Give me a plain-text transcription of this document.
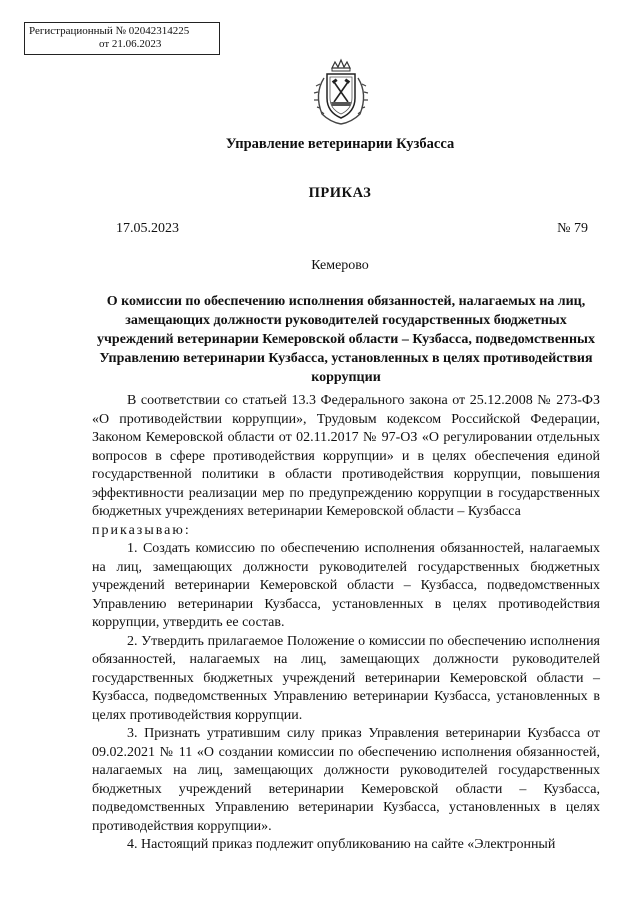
Регистрационный № 02042314225
от 21.06.2023
Управление ветеринарии Кузбасса
ПРИКАЗ
17.05.2023	№ 79
Кемерово
О комиссии по обеспечению исполнения обязанностей, налагаемых на лиц, замещающих должности руководителей государственных бюджетных учреждений ветеринарии Кемеровской области – Кузбасса, подведомственных Управлению ветеринарии Кузбасса, установленных в целях противодействия коррупции

В соответствии со статьей 13.3 Федерального закона от 25.12.2008 № 273-ФЗ «О противодействии коррупции», Трудовым кодексом Российской Федерации, Законом Кемеровской области от 02.11.2017 № 97-ОЗ «О регулировании отдельных вопросов в сфере противодействия коррупции» и в целях обеспечения единой государственной политики в области противодействия коррупции, повышения эффективности реализации мер по предупреждению коррупции в государственных бюджетных учреждениях ветеринарии Кемеровской области – Кузбасса

приказываю:

1. Создать комиссию по обеспечению исполнения обязанностей, налагаемых на лиц, замещающих должности руководителей государственных бюджетных учреждений ветеринарии Кемеровской области – Кузбасса, подведомственных Управлению ветеринарии Кузбасса, установленных в целях противодействия коррупции, утвердить ее состав.

2. Утвердить прилагаемое Положение о комиссии по обеспечению исполнения обязанностей, налагаемых на лиц, замещающих должности руководителей государственных бюджетных учреждений ветеринарии Кемеровской области – Кузбасса, подведомственных Управлению ветеринарии Кузбасса, установленных в целях противодействия коррупции.

3. Признать утратившим силу приказ Управления ветеринарии Кузбасса от 09.02.2021 № 11 «О создании комиссии по обеспечению исполнения обязанностей, налагаемых на лиц, замещающих должности руководителей государственных бюджетных учреждений ветеринарии Кемеровской области – Кузбасса, подведомственных Управлению ветеринарии Кузбасса, установленных в целях противодействия коррупции».

4. Настоящий приказ подлежит опубликованию на сайте «Электронный
